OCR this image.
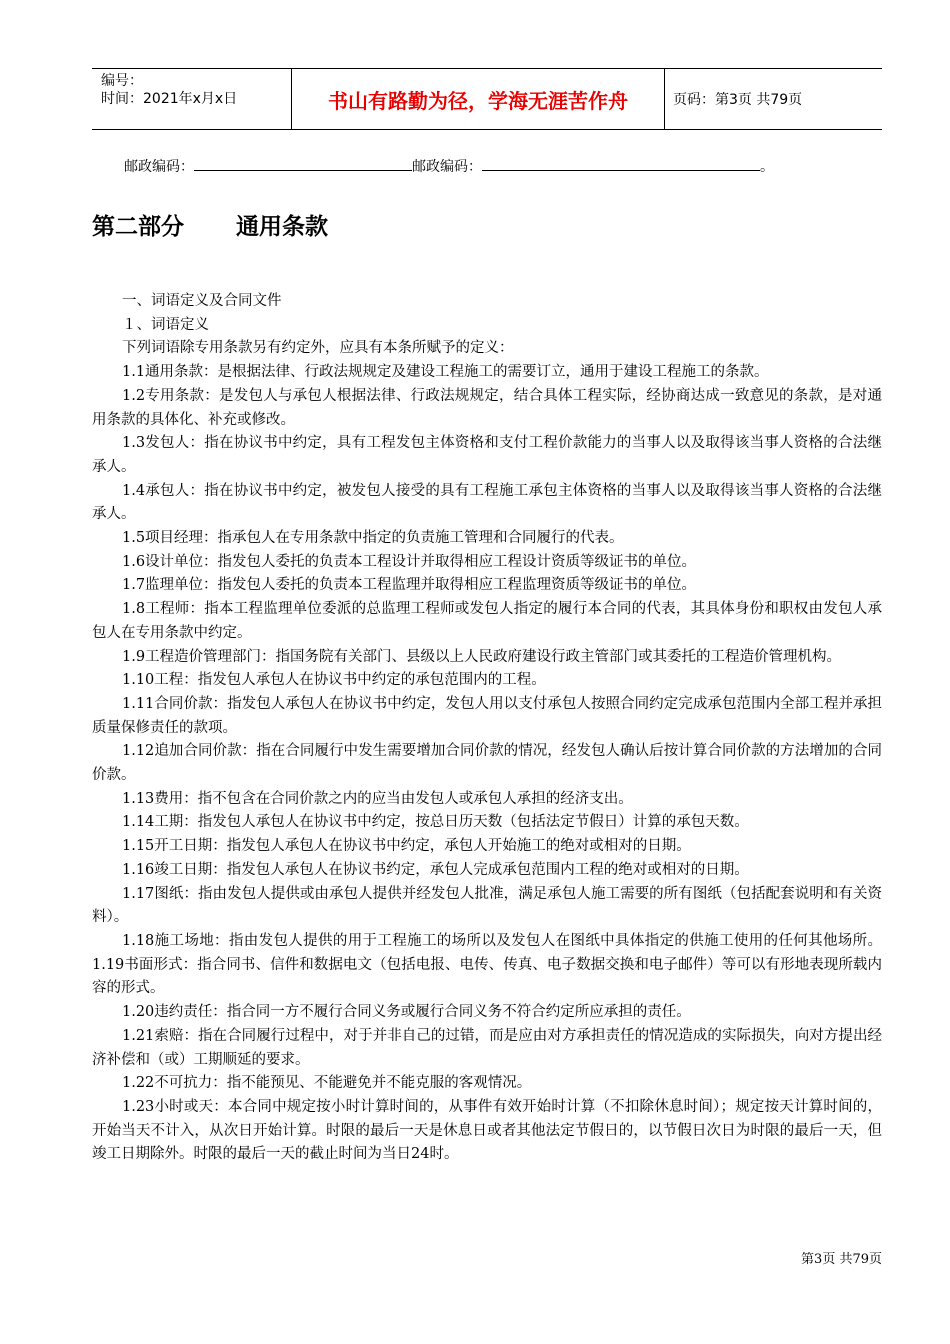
编号：
时间：2021年x月x日	书山有路勤为径，学海无涯苦作舟	页码：第3页 共79页
邮政编码：	邮政编码：	。
第二部分 通用条款

一、词语定义及合同文件

１、词语定义

下列词语除专用条款另有约定外，应具有本条所赋予的定义：

1.1通用条款：是根据法律、行政法规规定及建设工程施工的需要订立，通用于建设工程施工的条款。

1.2专用条款：是发包人与承包人根据法律、行政法规规定，结合具体工程实际，经协商达成一致意见的条款，是对通用条款的具体化、补充或修改。

1.3发包人：指在协议书中约定，具有工程发包主体资格和支付工程价款能力的当事人以及取得该当事人资格的合法继承人。

1.4承包人：指在协议书中约定，被发包人接受的具有工程施工承包主体资格的当事人以及取得该当事人资格的合法继承人。

1.5项目经理：指承包人在专用条款中指定的负责施工管理和合同履行的代表。

1.6设计单位：指发包人委托的负责本工程设计并取得相应工程设计资质等级证书的单位。

1.7监理单位：指发包人委托的负责本工程监理并取得相应工程监理资质等级证书的单位。

1.8工程师：指本工程监理单位委派的总监理工程师或发包人指定的履行本合同的代表，其具体身份和职权由发包人承包人在专用条款中约定。

1.9工程造价管理部门：指国务院有关部门、县级以上人民政府建设行政主管部门或其委托的工程造价管理机构。

1.10工程：指发包人承包人在协议书中约定的承包范围内的工程。

1.11合同价款：指发包人承包人在协议书中约定，发包人用以支付承包人按照合同约定完成承包范围内全部工程并承担质量保修责任的款项。

1.12追加合同价款：指在合同履行中发生需要增加合同价款的情况，经发包人确认后按计算合同价款的方法增加的合同价款。

1.13费用：指不包含在合同价款之内的应当由发包人或承包人承担的经济支出。

1.14工期：指发包人承包人在协议书中约定，按总日历天数（包括法定节假日）计算的承包天数。

1.15开工日期：指发包人承包人在协议书中约定，承包人开始施工的绝对或相对的日期。

1.16竣工日期：指发包人承包人在协议书约定，承包人完成承包范围内工程的绝对或相对的日期。

1.17图纸：指由发包人提供或由承包人提供并经发包人批准，满足承包人施工需要的所有图纸（包括配套说明和有关资料）。

1.18施工场地：指由发包人提供的用于工程施工的场所以及发包人在图纸中具体指定的供施工使用的任何其他场所。1.19书面形式：指合同书、信件和数据电文（包括电报、电传、传真、电子数据交换和电子邮件）等可以有形地表现所载内容的形式。

1.20违约责任：指合同一方不履行合同义务或履行合同义务不符合约定所应承担的责任。

1.21索赔：指在合同履行过程中，对于并非自己的过错，而是应由对方承担责任的情况造成的实际损失，向对方提出经济补偿和（或）工期顺延的要求。

1.22不可抗力：指不能预见、不能避免并不能克服的客观情况。

1.23小时或天：本合同中规定按小时计算时间的，从事件有效开始时计算（不扣除休息时间）；规定按天计算时间的，开始当天不计入，从次日开始计算。时限的最后一天是休息日或者其他法定节假日的，以节假日次日为时限的最后一天，但竣工日期除外。时限的最后一天的截止时间为当日24时。

第3页 共79页
